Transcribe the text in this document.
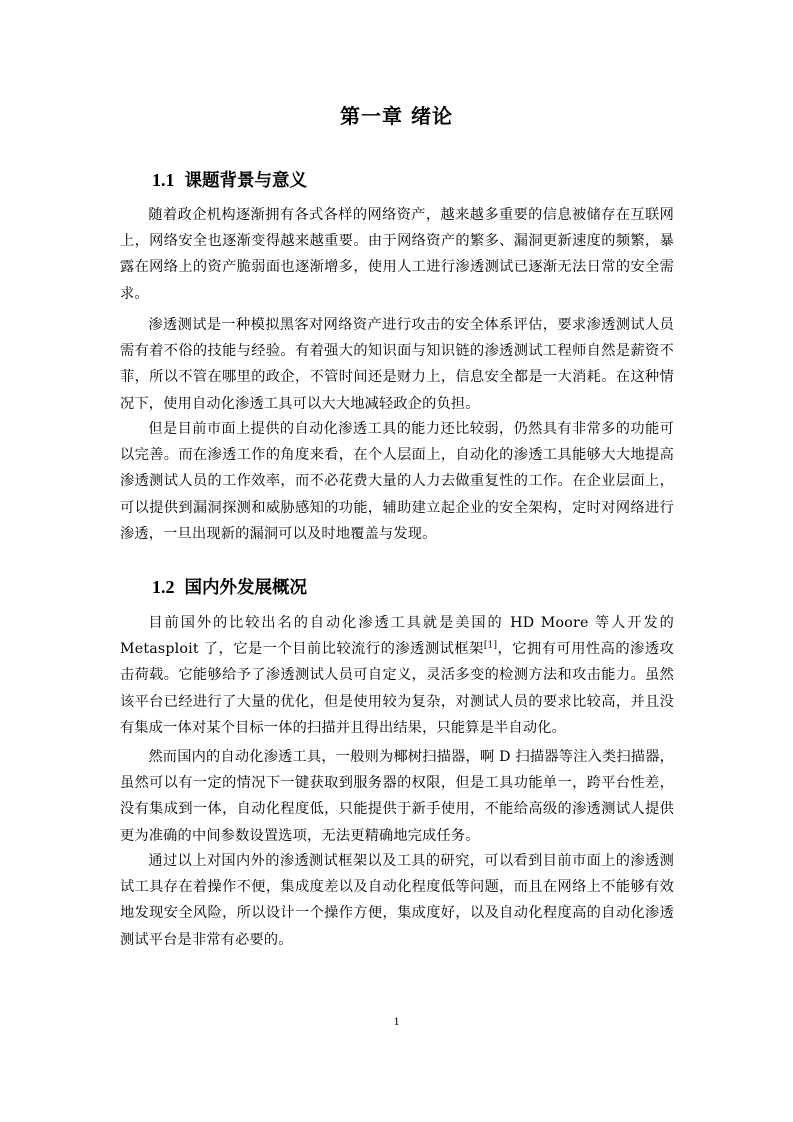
第一章 绪论
1.1 课题背景与意义

随着政企机构逐渐拥有各式各样的网络资产，越来越多重要的信息被储存在互联网上，网络安全也逐渐变得越来越重要。由于网络资产的繁多、漏洞更新速度的频繁，暴露在网络上的资产脆弱面也逐渐增多，使用人工进行渗透测试已逐渐无法日常的安全需求。

渗透测试是一种模拟黑客对网络资产进行攻击的安全体系评估，要求渗透测试人员需有着不俗的技能与经验。有着强大的知识面与知识链的渗透测试工程师自然是薪资不菲，所以不管在哪里的政企，不管时间还是财力上，信息安全都是一大消耗。在这种情况下，使用自动化渗透工具可以大大地减轻政企的负担。

但是目前市面上提供的自动化渗透工具的能力还比较弱，仍然具有非常多的功能可以完善。而在渗透工作的角度来看，在个人层面上，自动化的渗透工具能够大大地提高渗透测试人员的工作效率，而不必花费大量的人力去做重复性的工作。在企业层面上，可以提供到漏洞探测和威胁感知的功能，辅助建立起企业的安全架构，定时对网络进行渗透，一旦出现新的漏洞可以及时地覆盖与发现。

1.2 国内外发展概况

目前国外的比较出名的自动化渗透工具就是美国的 HD Moore 等人开发的 Metasploit 了，它是一个目前比较流行的渗透测试框架[1]，它拥有可用性高的渗透攻击荷载。它能够给予了渗透测试人员可自定义，灵活多变的检测方法和攻击能力。虽然该平台已经进行了大量的优化，但是使用较为复杂，对测试人员的要求比较高，并且没有集成一体对某个目标一体的扫描并且得出结果，只能算是半自动化。

然而国内的自动化渗透工具，一般则为椰树扫描器，啊 D 扫描器等注入类扫描器，虽然可以有一定的情况下一键获取到服务器的权限，但是工具功能单一，跨平台性差，没有集成到一体，自动化程度低，只能提供于新手使用，不能给高级的渗透测试人提供更为准确的中间参数设置选项，无法更精确地完成任务。

通过以上对国内外的渗透测试框架以及工具的研究，可以看到目前市面上的渗透测试工具存在着操作不便，集成度差以及自动化程度低等问题，而且在网络上不能够有效地发现安全风险，所以设计一个操作方便，集成度好，以及自动化程度高的自动化渗透测试平台是非常有必要的。

1
